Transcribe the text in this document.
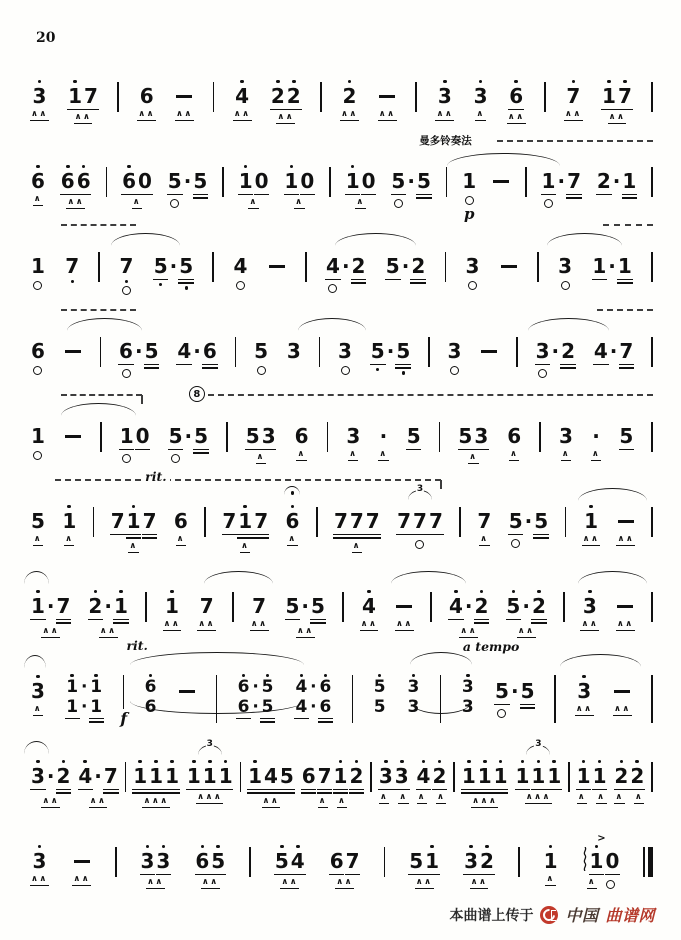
20
3
∧∧
1 7
∧∧
6
∧∧ ∧∧
4
∧∧
2 2
∧∧
2
∧∧ ∧∧
3
∧∧
3
∧
6
∧∧
7
∧∧
1 7
∧∧
曼多铃奏法
6
∧
6 6
∧∧
6 0
∧
5 · 5 1 0
∧
1 0
∧
1 0
∧
5 · 5 1
p
1 · 7 2 · 1
1 7 7 5 · 5 4	4 · 2 5 · 2 3	3 1 · 1
6	6 · 5 4 · 6 5 3 3 5 · 5 3	3 · 2 4 · 7
8
1	1 0 5 · 5 5 3
∧
6
∧
3
∧
·
∧
5 5 3
∧
6
∧
3
∧
·
∧
5
rit.
5
∧
1
∧
7 1 7
∧
6
∧
7 1 7
∧
6
∧
7 7 7
∧
3
7 7 7 7
∧
5 · 5 1
∧∧ ∧∧
1 · 7
∧∧
2 · 1
∧∧
1
∧∧
7
∧∧
7
∧∧
5 · 5
∧∧
4
∧∧ ∧∧
4 · 2
∧∧
5 · 2
∧∧
3
∧∧ ∧∧
rit.
f
a tempo
3
∧
1 · 1
1 · 1
6
6
6 · 5
6 · 5
4 · 6
4 · 6
5
5
3
3
3
3
5 · 5 3
∧∧	∧∧
3 · 2
∧∧
4 · 7
∧∧
1 1 1
∧∧∧
3
1 1 1
∧∧∧
1 4 5
∧∧
6 7 1 2
∧ ∧
3 3
∧ ∧
4 2
∧ ∧
1 1 1
∧∧∧
3
1 1 1
∧∧∧
1 1
∧ ∧
2 2
∧ ∧
3
∧∧	∧∧
3 3
∧∧
6 5
∧∧
5 4
∧∧
6 7
∧∧
5 1
∧∧
3 2
∧∧
1
∧
>
1 0
∧
本曲谱上传于 中国 曲谱网
